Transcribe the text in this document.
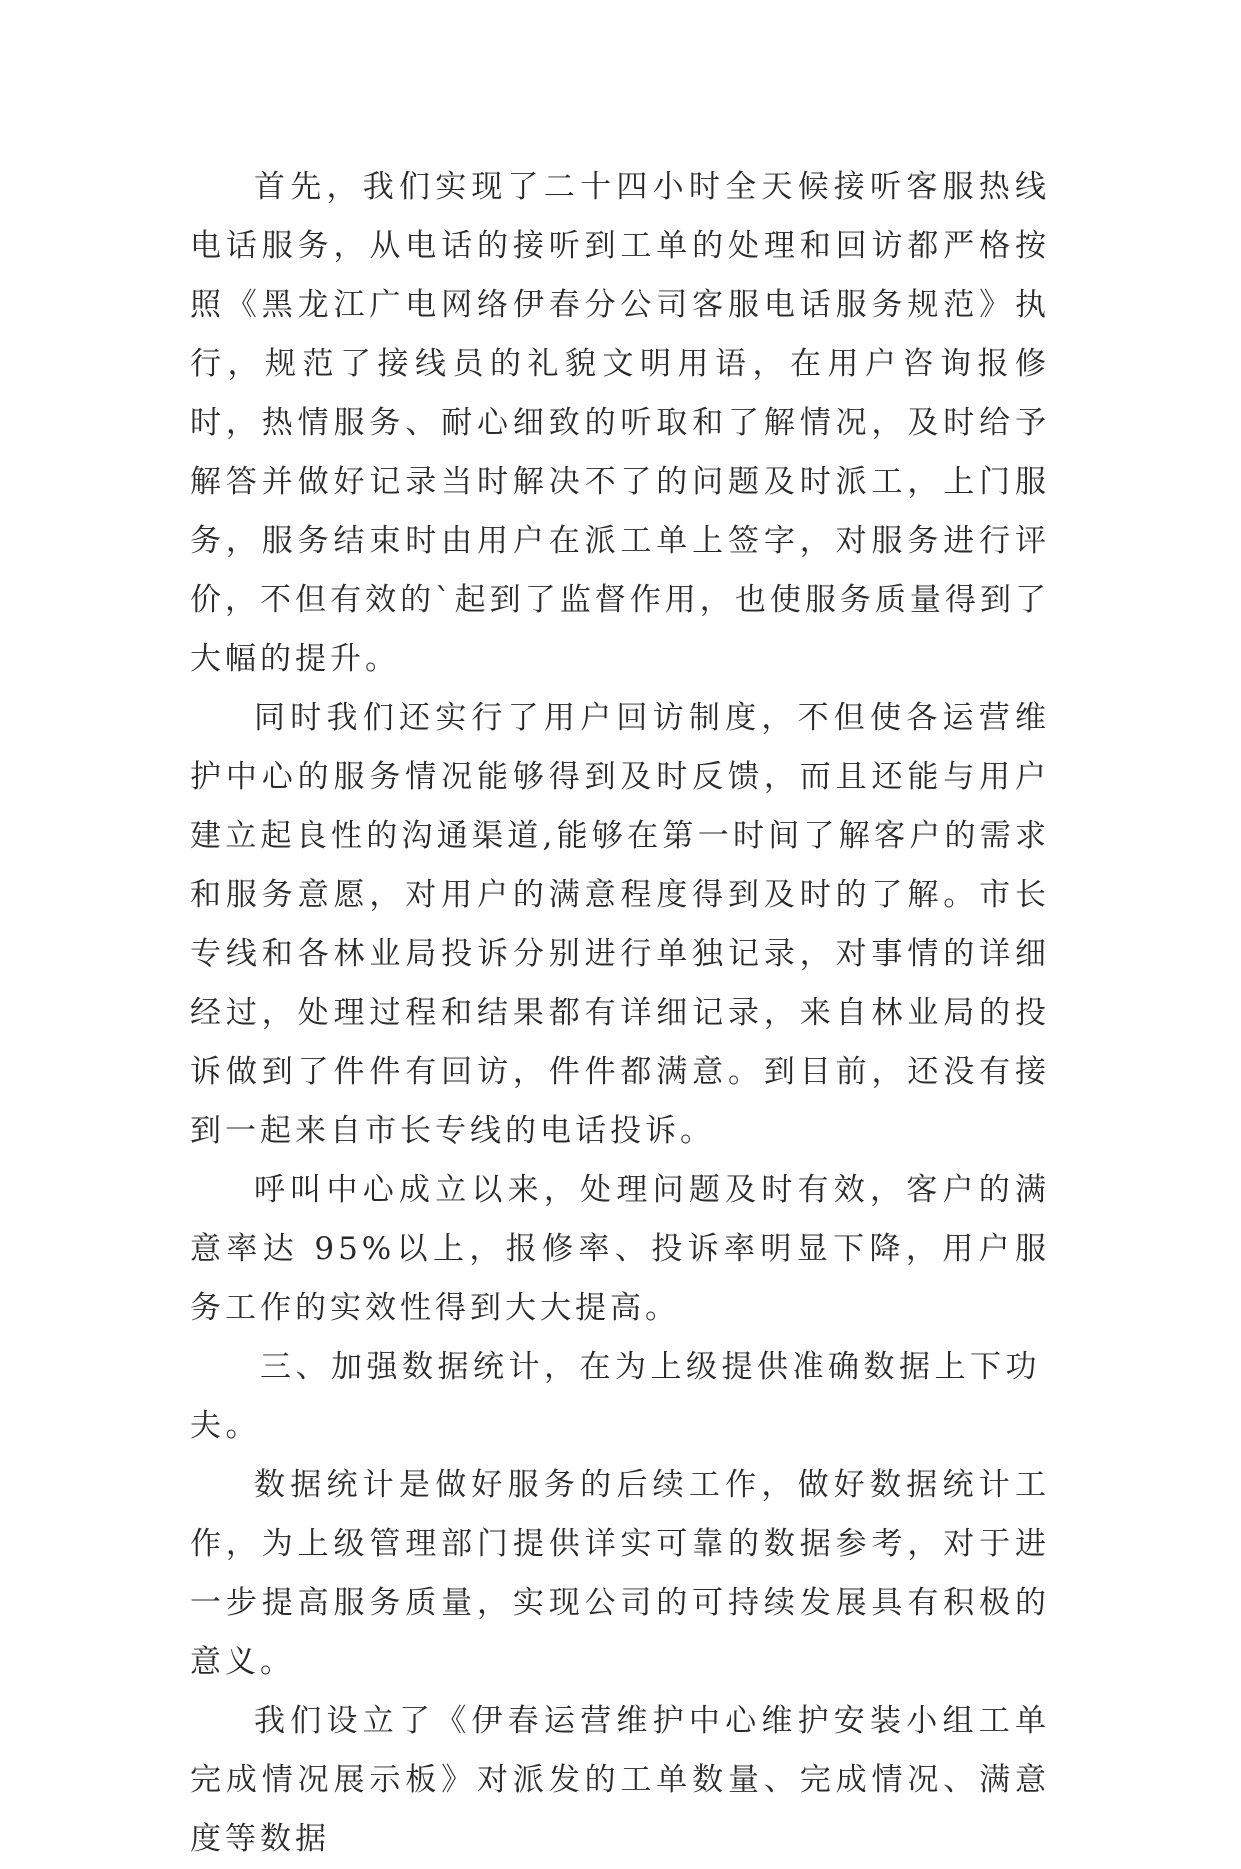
首先，我们实现了二十四小时全天候接听客服热线电话服务，从电话的接听到工单的处理和回访都严格按照《黑龙江广电网络伊春分公司客服电话服务规范》执行，规范了接线员的礼貌文明用语，在用户咨询报修时，热情服务、耐心细致的听取和了解情况，及时给予解答并做好记录当时解决不了的问题及时派工，上门服务，服务结束时由用户在派工单上签字，对服务进行评价，不但有效的`起到了监督作用，也使服务质量得到了大幅的提升。

同时我们还实行了用户回访制度，不但使各运营维护中心的服务情况能够得到及时反馈，而且还能与用户建立起良性的沟通渠道,能够在第一时间了解客户的需求和服务意愿，对用户的满意程度得到及时的了解。市长专线和各林业局投诉分别进行单独记录，对事情的详细经过，处理过程和结果都有详细记录，来自林业局的投诉做到了件件有回访，件件都满意。到目前，还没有接到一起来自市长专线的电话投诉。

呼叫中心成立以来，处理问题及时有效，客户的满意率达 95%以上，报修率、投诉率明显下降，用户服务工作的实效性得到大大提高。

三、加强数据统计，在为上级提供准确数据上下功夫。

数据统计是做好服务的后续工作，做好数据统计工作，为上级管理部门提供详实可靠的数据参考，对于进一步提高服务质量，实现公司的可持续发展具有积极的意义。

我们设立了《伊春运营维护中心维护安装小组工单完成情况展示板》对派发的工单数量、完成情况、满意度等数据
